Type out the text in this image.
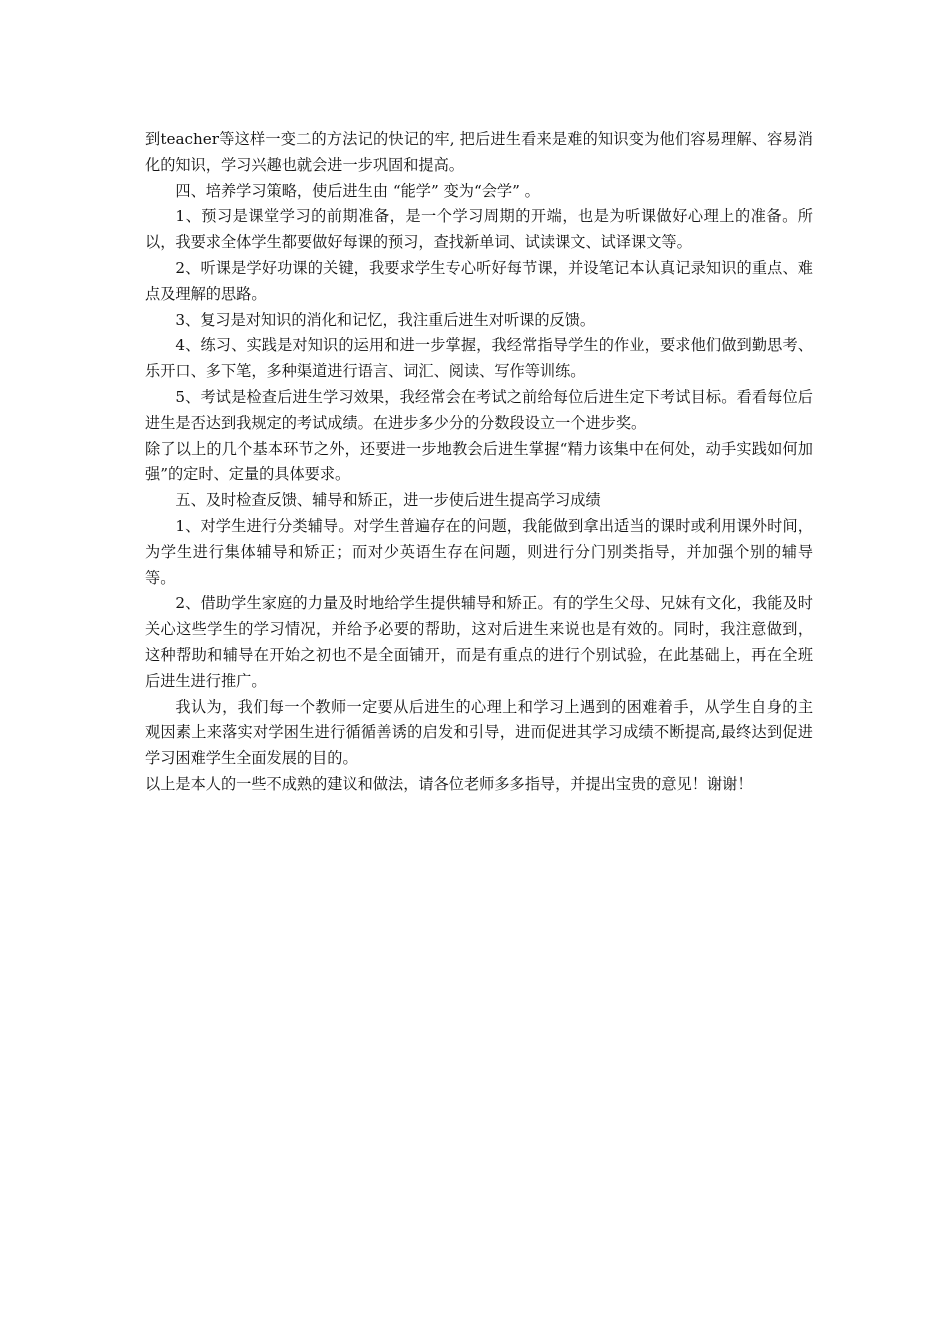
到teacher等这样一变二的方法记的快记的牢, 把后进生看来是难的知识变为他们容易理解、容易消化的知识，学习兴趣也就会进一步巩固和提高。

四、培养学习策略，使后进生由 “能学” 变为“会学” 。

1、预习是课堂学习的前期准备，是一个学习周期的开端，也是为听课做好心理上的准备。所以，我要求全体学生都要做好每课的预习，查找新单词、试读课文、试译课文等。

2、听课是学好功课的关键，我要求学生专心听好每节课，并设笔记本认真记录知识的重点、难点及理解的思路。

3、复习是对知识的消化和记忆，我注重后进生对听课的反馈。

4、练习、实践是对知识的运用和进一步掌握，我经常指导学生的作业，要求他们做到勤思考、乐开口、多下笔，多种渠道进行语言、词汇、阅读、写作等训练。

5、考试是检查后进生学习效果，我经常会在考试之前给每位后进生定下考试目标。看看每位后进生是否达到我规定的考试成绩。在进步多少分的分数段设立一个进步奖。

除了以上的几个基本环节之外，还要进一步地教会后进生掌握“精力该集中在何处，动手实践如何加强”的定时、定量的具体要求。

五、及时检查反馈、辅导和矫正，进一步使后进生提高学习成绩

1、对学生进行分类辅导。对学生普遍存在的问题，我能做到拿出适当的课时或利用课外时间，为学生进行集体辅导和矫正；而对少英语生存在问题，则进行分门别类指导，并加强个别的辅导等。

2、借助学生家庭的力量及时地给学生提供辅导和矫正。有的学生父母、兄妹有文化，我能及时关心这些学生的学习情况，并给予必要的帮助，这对后进生来说也是有效的。同时，我注意做到，这种帮助和辅导在开始之初也不是全面铺开，而是有重点的进行个别试验，在此基础上，再在全班后进生进行推广。

我认为，我们每一个教师一定要从后进生的心理上和学习上遇到的困难着手，从学生自身的主观因素上来落实对学困生进行循循善诱的启发和引导，进而促进其学习成绩不断提高,最终达到促进学习困难学生全面发展的目的。

以上是本人的一些不成熟的建议和做法，请各位老师多多指导，并提出宝贵的意见！谢谢！
